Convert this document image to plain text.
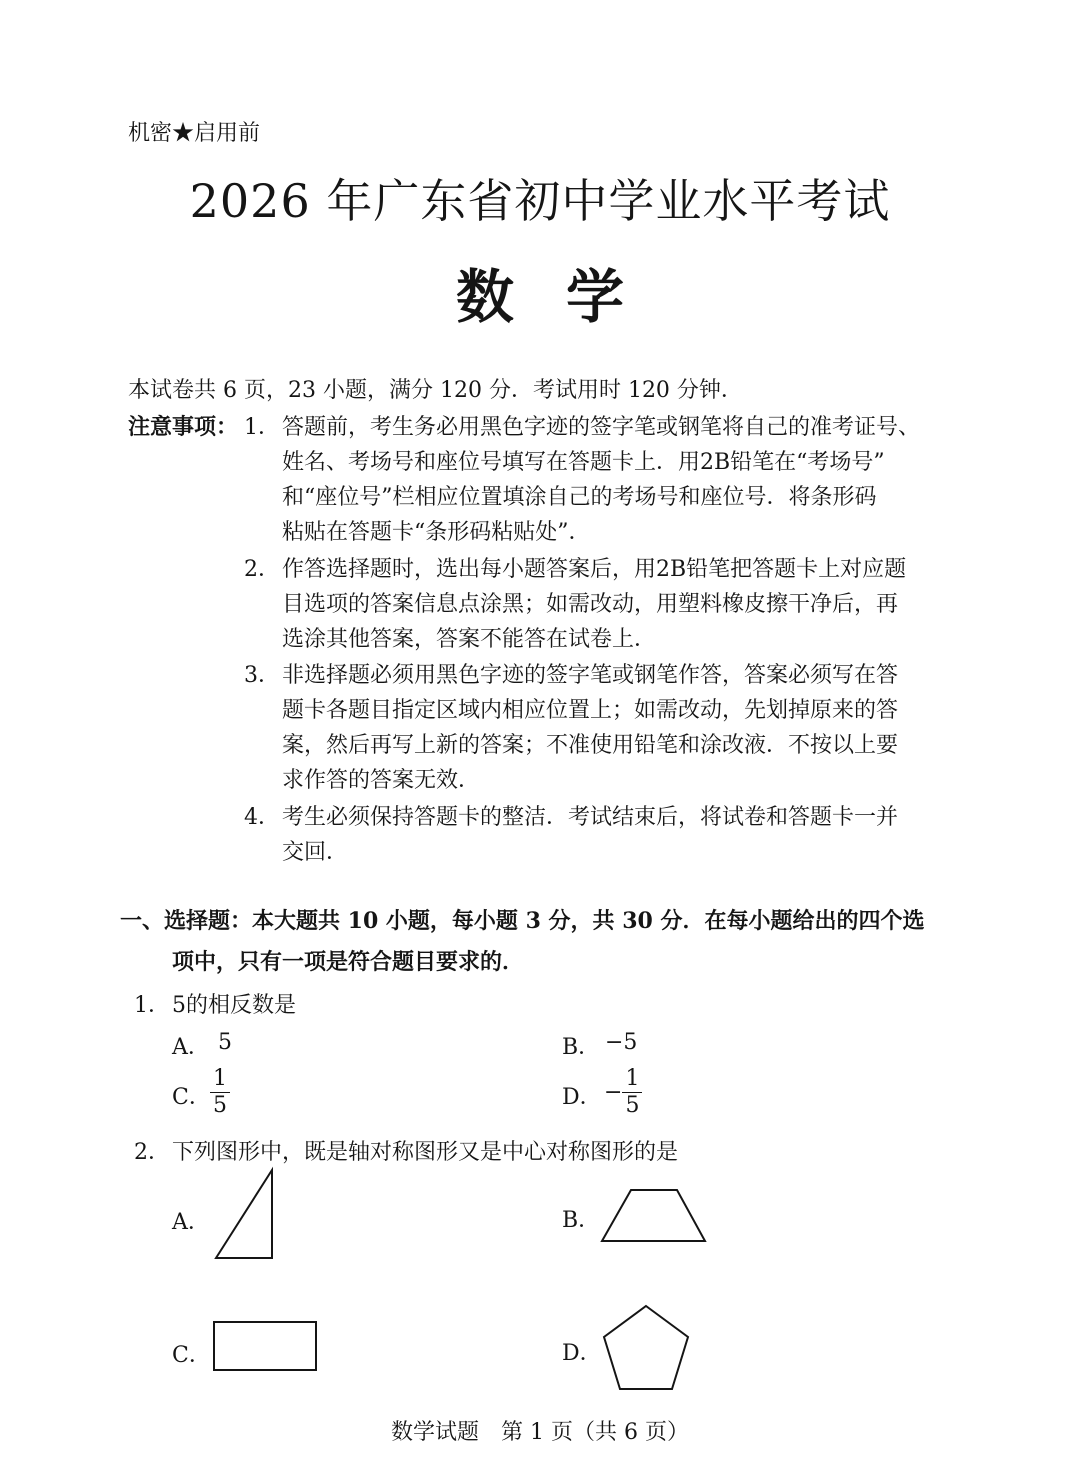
机密★启用前
2026 年广东省初中学业水平考试
数学
本试卷共 6 页，23 小题，满分 120 分．考试用时 120 分钟．
注意事项： 1． 答题前，考生务必用黑色字迹的签字笔或钢笔将自己的准考证号、
姓名、考场号和座位号填写在答题卡上．用2B铅笔在“考场号”
和“座位号”栏相应位置填涂自己的考场号和座位号．将条形码
粘贴在答题卡“条形码粘贴处”．
2． 作答选择题时，选出每小题答案后，用2B铅笔把答题卡上对应题
目选项的答案信息点涂黑；如需改动，用塑料橡皮擦干净后，再
选涂其他答案，答案不能答在试卷上．
3． 非选择题必须用黑色字迹的签字笔或钢笔作答，答案必须写在答
题卡各题目指定区域内相应位置上；如需改动，先划掉原来的答
案，然后再写上新的答案；不准使用铅笔和涂改液．不按以上要
求作答的答案无效．
4． 考生必须保持答题卡的整洁．考试结束后，将试卷和答题卡一并
交回．
一、选择题：本大题共 10 小题，每小题 3 分，共 30 分．在每小题给出的四个选
项中，只有一项是符合题目要求的．
1． 5的相反数是
A． 5	B． −5
C． $\frac{1}{5}$	D． − $\frac{1}{5}$
2． 下列图形中，既是轴对称图形又是中心对称图形的是
A．	B．
C．	D．
数学试题　第 1 页（共 6 页）
